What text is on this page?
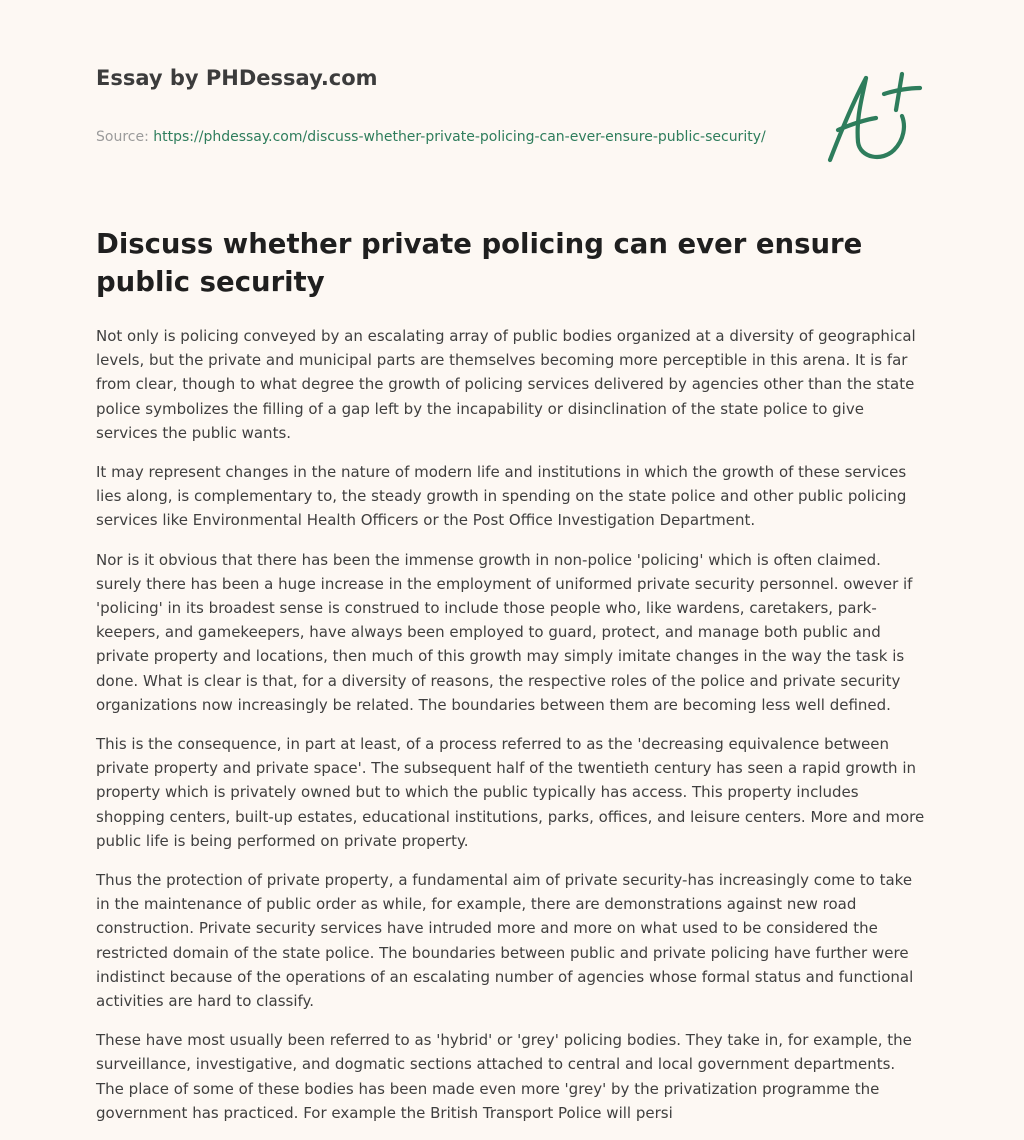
Essay by PHDessay.com
Source: https://phdessay.com/discuss-whether-private-policing-can-ever-ensure-public-security/
Discuss whether private policing can ever ensure public security

Not only is policing conveyed by an escalating array of public bodies organized at a diversity of geographical levels, but the private and municipal parts are themselves becoming more perceptible in this arena. It is far from clear, though to what degree the growth of policing services delivered by agencies other than the state police symbolizes the filling of a gap left by the incapability or disinclination of the state police to give services the public wants.

It may represent changes in the nature of modern life and institutions in which the growth of these services lies along, is complementary to, the steady growth in spending on the state police and other public policing services like Environmental Health Officers or the Post Office Investigation Department.

Nor is it obvious that there has been the immense growth in non-police 'policing' which is often claimed. surely there has been a huge increase in the employment of uniformed private security personnel. owever if 'policing' in its broadest sense is construed to include those people who, like wardens, caretakers, park-keepers, and gamekeepers, have always been employed to guard, protect, and manage both public and private property and locations, then much of this growth may simply imitate changes in the way the task is done. What is clear is that, for a diversity of reasons, the respective roles of the police and private security organizations now increasingly be related. The boundaries between them are becoming less well defined.

This is the consequence, in part at least, of a process referred to as the 'decreasing equivalence between private property and private space'. The subsequent half of the twentieth century has seen a rapid growth in property which is privately owned but to which the public typically has access. This property includes shopping centers, built-up estates, educational institutions, parks, offices, and leisure centers. More and more public life is being performed on private property.

Thus the protection of private property, a fundamental aim of private security-has increasingly come to take in the maintenance of public order as while, for example, there are demonstrations against new road construction. Private security services have intruded more and more on what used to be considered the restricted domain of the state police. The boundaries between public and private policing have further were indistinct because of the operations of an escalating number of agencies whose formal status and functional activities are hard to classify.

These have most usually been referred to as 'hybrid' or 'grey' policing bodies. They take in, for example, the surveillance, investigative, and dogmatic sections attached to central and local government departments. The place of some of these bodies has been made even more 'grey' by the privatization programme the government has practiced. For example the British Transport Police will persi
